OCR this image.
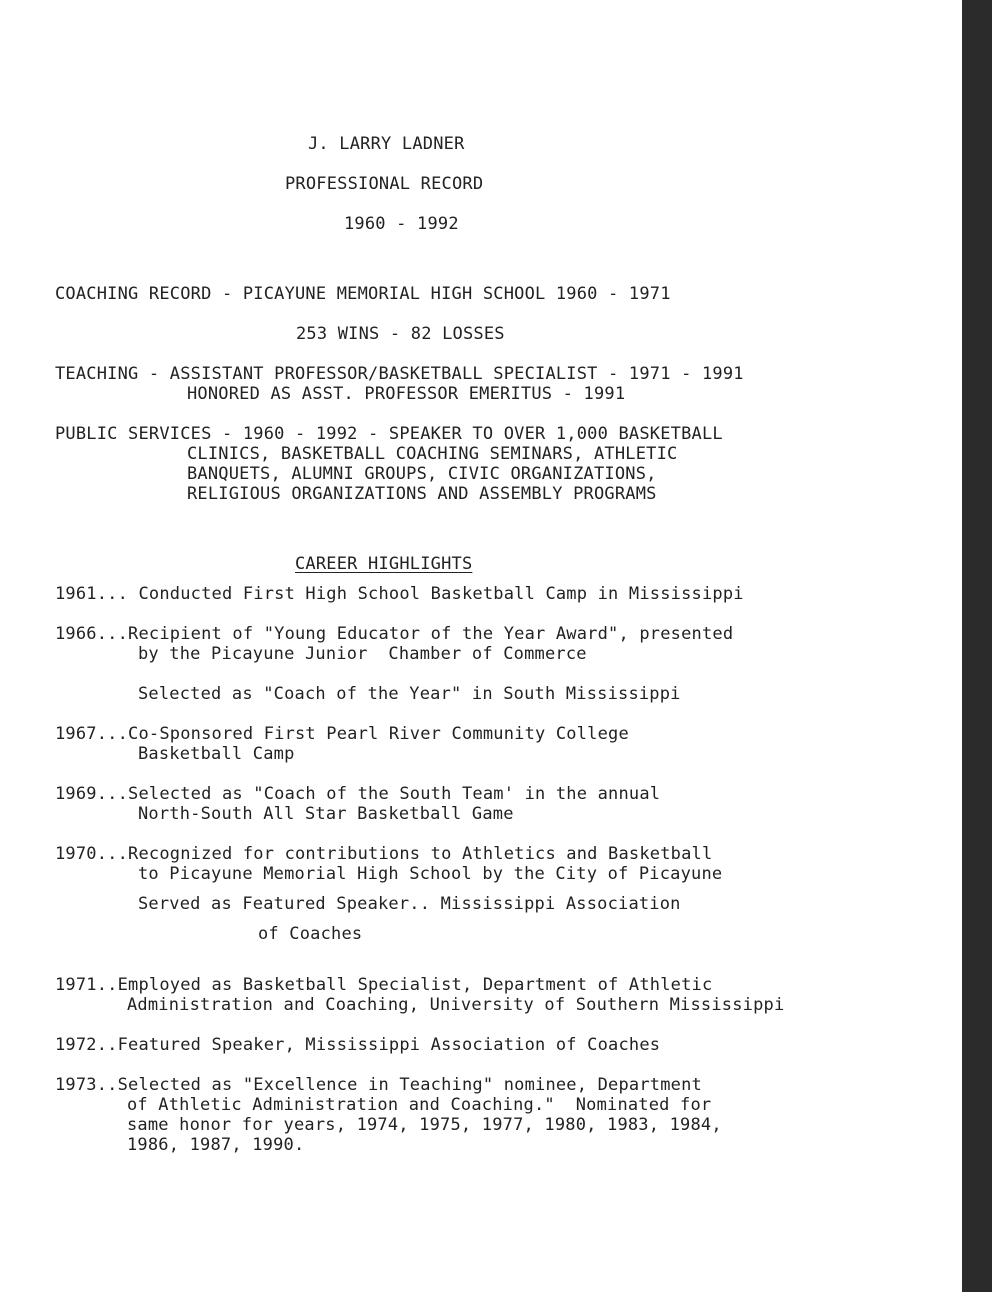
J. LARRY LADNER
PROFESSIONAL RECORD
1960 - 1992
COACHING RECORD - PICAYUNE MEMORIAL HIGH SCHOOL 1960 - 1971
253 WINS - 82 LOSSES
TEACHING - ASSISTANT PROFESSOR/BASKETBALL SPECIALIST - 1971 - 1991
HONORED AS ASST. PROFESSOR EMERITUS - 1991
PUBLIC SERVICES - 1960 - 1992 - SPEAKER TO OVER 1,000 BASKETBALL
CLINICS, BASKETBALL COACHING SEMINARS, ATHLETIC
BANQUETS, ALUMNI GROUPS, CIVIC ORGANIZATIONS,
RELIGIOUS ORGANIZATIONS AND ASSEMBLY PROGRAMS
CAREER HIGHLIGHTS
1961... Conducted First High School Basketball Camp in Mississippi
1966...Recipient of "Young Educator of the Year Award", presented
by the Picayune Junior  Chamber of Commerce
Selected as "Coach of the Year" in South Mississippi
1967...Co-Sponsored First Pearl River Community College
Basketball Camp
1969...Selected as "Coach of the South Team' in the annual
North-South All Star Basketball Game
1970...Recognized for contributions to Athletics and Basketball
to Picayune Memorial High School by the City of Picayune
Served as Featured Speaker.. Mississippi Association
of Coaches
1971..Employed as Basketball Specialist, Department of Athletic
Administration and Coaching, University of Southern Mississippi
1972..Featured Speaker, Mississippi Association of Coaches
1973..Selected as "Excellence in Teaching" nominee, Department
of Athletic Administration and Coaching."  Nominated for
same honor for years, 1974, 1975, 1977, 1980, 1983, 1984,
1986, 1987, 1990.
